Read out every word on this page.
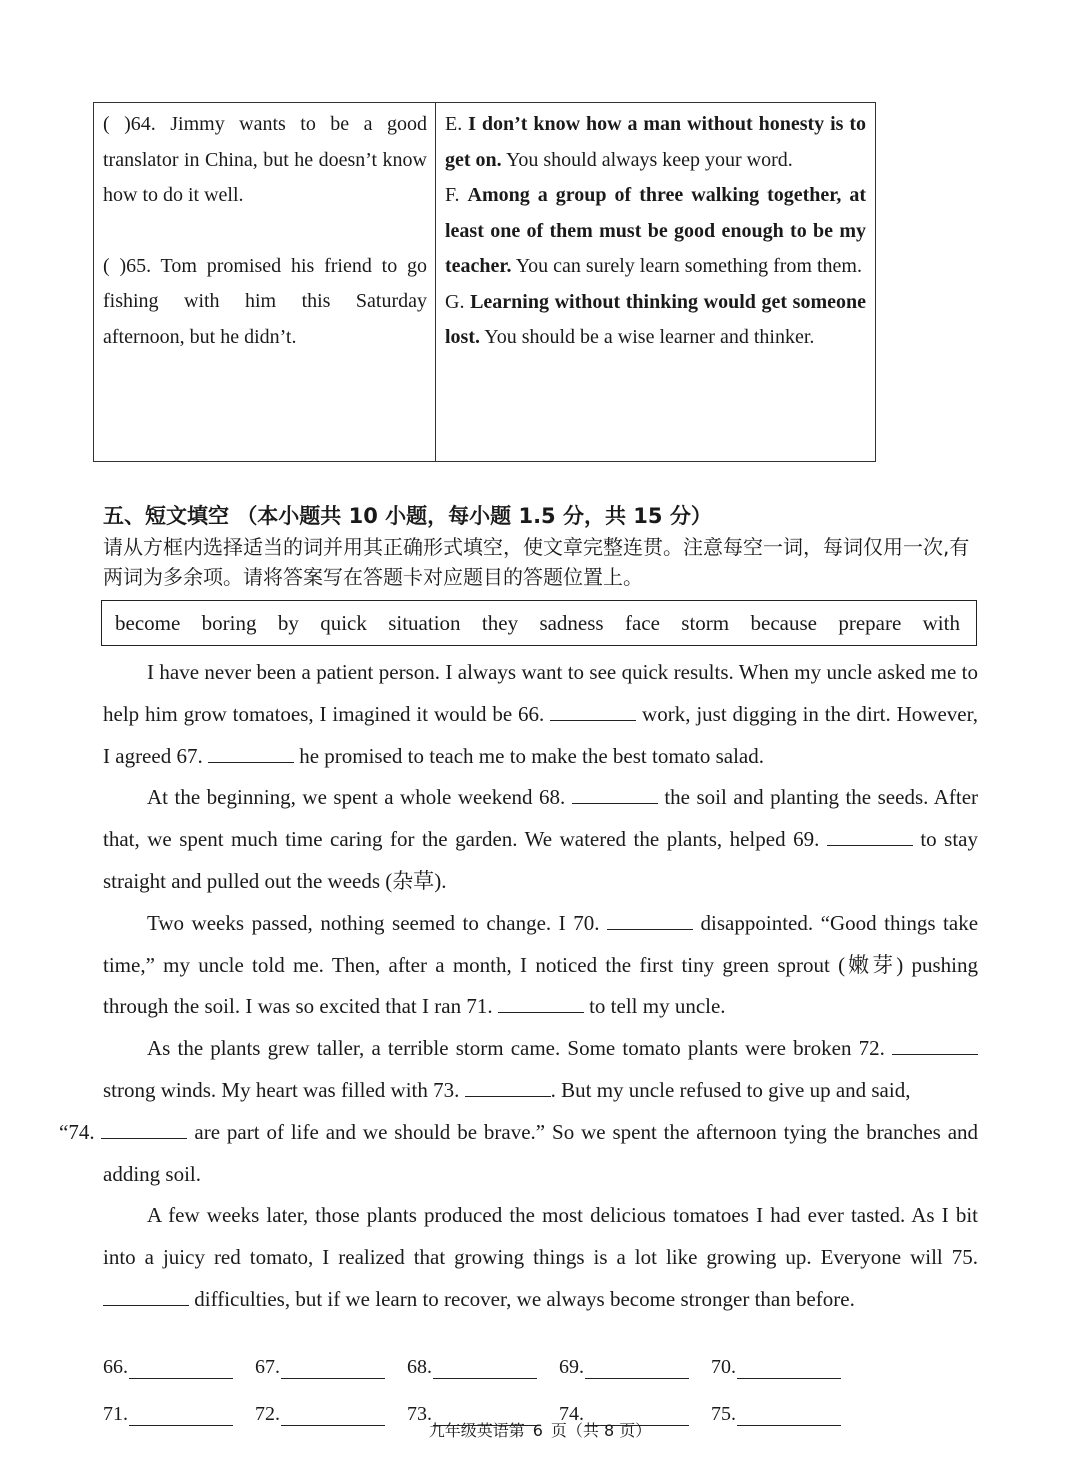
( )64. Jimmy wants to be a good translator in China, but he doesn’t know how to do it well.
( )65. Tom promised his friend to go fishing with him this Saturday afternoon, but he didn’t.
E. I don’t know how a man without honesty is to get on. You should always keep your word.
F. Among a group of three walking together, at least one of them must be good enough to be my teacher. You can surely learn something from them.
G. Learning without thinking would get someone lost. You should be a wise learner and thinker.
五、短文填空 （本小题共 10 小题，每小题 1.5 分，共 15 分）
请从方框内选择适当的词并用其正确形式填空，使文章完整连贯。注意每空一词，每词仅用一次,有两词为多余项。请将答案写在答题卡对应题目的答题位置上。
become boring by quick situation they sadness face storm because prepare with

I have never been a patient person. I always want to see quick results. When my uncle asked me to help him grow tomatoes, I imagined it would be 66.	work, just digging in the dirt. However, I agreed 67.	he promised to teach me to make the best tomato salad.

At the beginning, we spent a whole weekend 68.	the soil and planting the seeds. After that, we spent much time caring for the garden. We watered the plants, helped 69.	to stay straight and pulled out the weeds (杂草).

Two weeks passed, nothing seemed to change. I 70.	disappointed. “Good things take time,” my uncle told me. Then, after a month, I noticed the first tiny green sprout (嫩芽) pushing through the soil. I was so excited that I ran 71.	to tell my uncle.

As the plants grew taller, a terrible storm came. Some tomato plants were broken 72.  strong winds. My heart was filled with 73.	. But my uncle refused to give up and said,
“74.	are part of life and we should be brave.” So we spent the afternoon tying the branches and adding soil.

A few weeks later, those plants produced the most delicious tomatoes I had ever tasted. As I bit into a juicy red tomato, I realized that growing things is a lot like growing up. Everyone will 75.  difficulties, but if we learn to recover, we always become stronger than before.

66.	67.	68.	69.	70.
71.	72.	73.	74.	75.
九年级英语第 6 页（共 8 页）
